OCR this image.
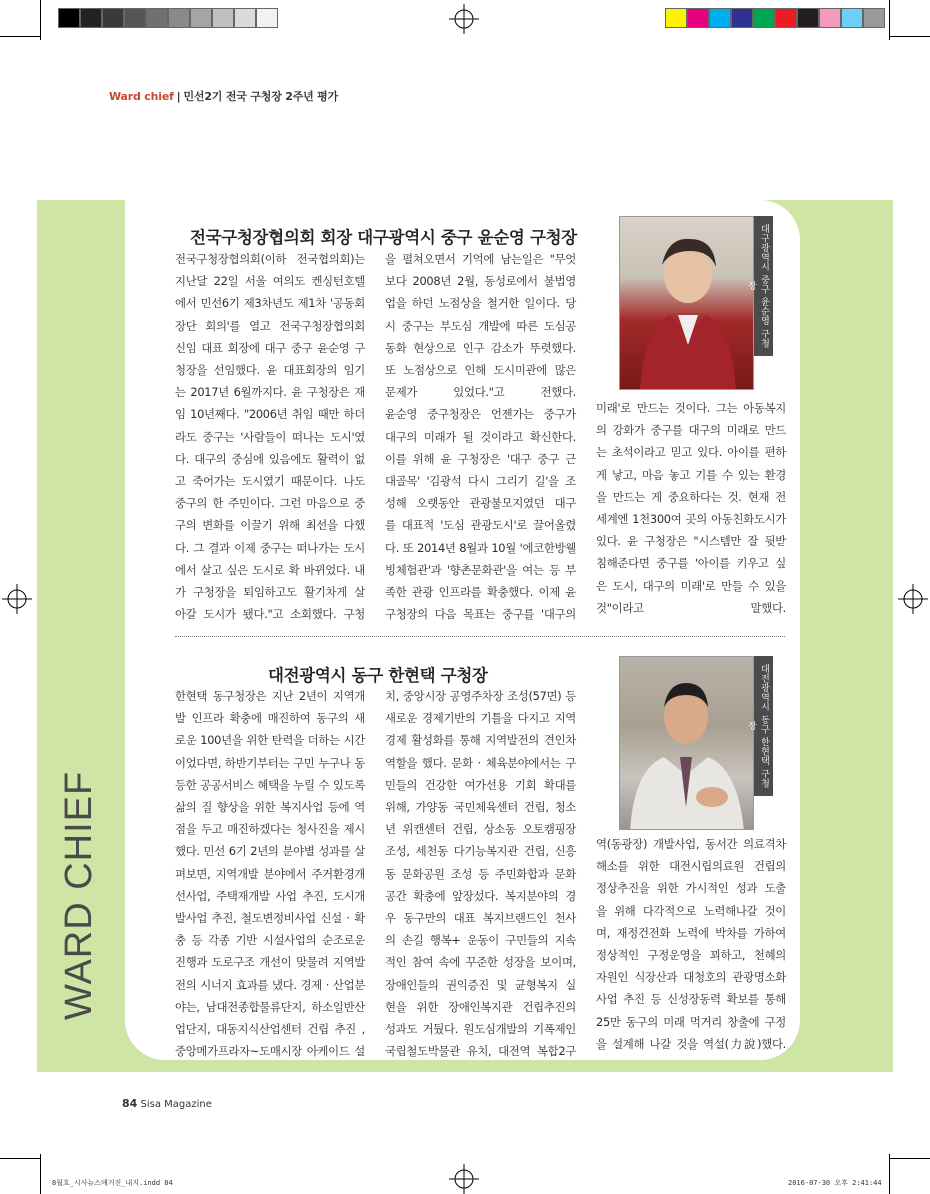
Ward chief | 민선2기 전국 구청장 2주년 평가
WARD CHIEF
전국구청장협의회 회장 대구광역시 중구 윤순영 구청장
전국구청장협의회(이하 전국협의회)는
지난달 22일 서울 여의도 켄싱턴호텔
에서 민선6기 제3차년도 제1차 '공동회
장단 회의'를 열고 전국구청장협의회
신임 대표 회장에 대구 중구 윤순영 구
청장을 선임했다. 윤 대표회장의 임기
는 2017년 6월까지다. 윤 구청장은 재
임 10년째다. "2006년 취임 때만 하더
라도 중구는 '사람들이 떠나는 도시'였
다. 대구의 중심에 있음에도 활력이 없
고 죽어가는 도시였기 때문이다. 나도
중구의 한 주민이다. 그런 마음으로 중
구의 변화를 이끌기 위해 최선을 다했
다. 그 결과 이제 중구는 떠나가는 도시
에서 살고 싶은 도시로 확 바뀌었다. 내
가 구청장을 퇴임하고도 활기차게 살
아갈 도시가 됐다."고 소회했다. 구청
을 펼쳐오면서 기억에 남는일은 "무엇
보다 2008년 2월, 동성로에서 불법영
업을 하던 노점상을 철거한 일이다. 당
시 중구는 부도심 개발에 따른 도심공
동화 현상으로 인구 감소가 뚜렷했다.
또 노점상으로 인해 도시미관에 많은
문제가 있었다."고 전했다.
윤순영 중구청장은 언젠가는 중구가
대구의 미래가 될 것이라고 확신한다.
이를 위해 윤 구청장은 '대구 중구 근
대골목' '김광석 다시 그리기 길'을 조
성해 오랫동안 관광불모지였던 대구
를 대표적 '도심 관광도시'로 끌어올렸
다. 또 2014년 8월과 10월 '에코한방웰
빙체험관'과 '향촌문화관'을 여는 등 부
족한 관광 인프라를 확충했다. 이제 윤
구청장의 다음 목표는 중구를 '대구의
대구광역시 중구 윤순영 구청장
미래'로 만드는 것이다. 그는 아동복지
의 강화가 중구를 대구의 미래로 만드
는 초석이라고 믿고 있다. 아이를 편하
게 낳고, 마음 놓고 기를 수 있는 환경
을 만드는 게 중요하다는 것. 현재 전
세계엔 1천300여 곳의 아동친화도시가
있다. 윤 구청장은 "시스템만 잘 뒷받
침해준다면 중구를 '아이를 키우고 싶
은 도시, 대구의 미래'로 만들 수 있을
것"이라고 말했다.
대전광역시 동구 한현택 구청장
한현택 동구청장은 지난 2년이 지역개
발 인프라 확충에 매진하여 동구의 새
로운 100년을 위한 탄력을 더하는 시간
이었다면, 하반기부터는 구민 누구나 동
등한 공공서비스 혜택을 누릴 수 있도록
삶의 질 향상을 위한 복지사업 등에 역
점을 두고 매진하겠다는 청사진을 제시
했다. 민선 6기 2년의 분야별 성과를 살
펴보면, 지역개발 분야에서 주거환경개
선사업, 주택재개발 사업 추진, 도시개
발사업 추진, 철도변정비사업 신설 · 확
충 등 각종 기반 시설사업의 순조로운
진행과 도로구조 개선이 맞물려 지역발
전의 시너지 효과를 냈다. 경제 · 산업분
야는, 남대전종합물류단지, 하소일반산
업단지, 대동지식산업센터 건립 추진 ,
중앙메가프라자~도매시장 아케이드 설
치, 중앙시장 공영주차장 조성(57면) 등
새로운 경제기반의 기틀을 다지고 지역
경제 활성화를 통해 지역발전의 견인차
역할을 했다. 문화 · 체육분야에서는 구
민들의 건강한 여가선용 기회 확대를
위해, 가양동 국민체육센터 건립, 청소
년 위캔센터 건립, 상소동 오토캠핑장
조성, 세천동 다기능복지관 건립, 신흥
동 문화공원 조성 등 주민화합과 문화
공간 확충에 앞장섰다. 복지분야의 경
우 동구만의 대표 복지브랜드인 천사
의 손길 행복+ 운동이 구민들의 지속
적인 참여 속에 꾸준한 성장을 보이며,
장애인들의 권익증진 및 균형복지 실
현을 위한 장애인복지관 건립추진의
성과도 거뒀다. 원도심개발의 기폭제인
국립철도박물관 유치, 대전역 복합2구
대전광역시 동구 한현택 구청장
역(동광장) 개발사업, 동서간 의료격차
해소를 위한 대전시립의료원 건립의
정상추진을 위한 가시적인 성과 도출
을 위해 다각적으로 노력해나갈 것이
며, 재정건전화 노력에 박차를 가하여
정상적인 구정운영을 꾀하고, 천혜의
자원인 식장산과 대청호의 관광명소화
사업 추진 등 신성장동력 확보를 통해
25만 동구의 미래 먹거리 창출에 구정
을 설계해 나갈 것을 역설(力說)했다.
84 Sisa Magazine
8월호_시사뉴스매거진_내지.indd 84	2016-07-30 오후 2:41:44
